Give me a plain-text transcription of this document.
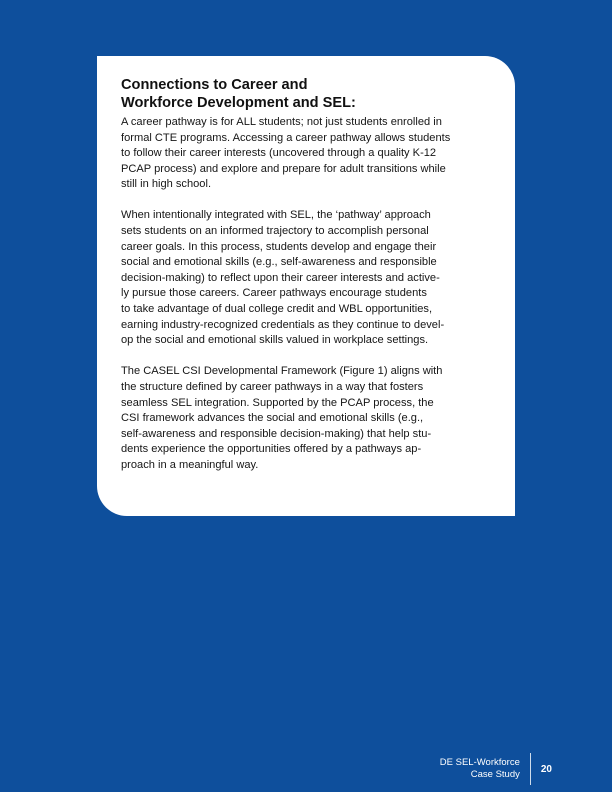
Connections to Career and
Workforce Development and SEL:

A career pathway is for ALL students; not just students enrolled in
formal CTE programs. Accessing a career pathway allows students
to follow their career interests (uncovered through a quality K-12
PCAP process) and explore and prepare for adult transitions while
still in high school.

When intentionally integrated with SEL, the ‘pathway’ approach
sets students on an informed trajectory to accomplish personal
career goals. In this process, students develop and engage their
social and emotional skills (e.g., self-awareness and responsible
decision-making) to reflect upon their career interests and active-
ly pursue those careers. Career pathways encourage students
to take advantage of dual college credit and WBL opportunities,
earning industry-recognized credentials as they continue to devel-
op the social and emotional skills valued in workplace settings.

The CASEL CSI Developmental Framework (Figure 1) aligns with
the structure defined by career pathways in a way that fosters
seamless SEL integration. Supported by the PCAP process, the
CSI framework advances the social and emotional skills (e.g.,
self-awareness and responsible decision-making) that help stu-
dents experience the opportunities offered by a pathways ap-
proach in a meaningful way.

DE SEL-Workforce
Case Study	20
